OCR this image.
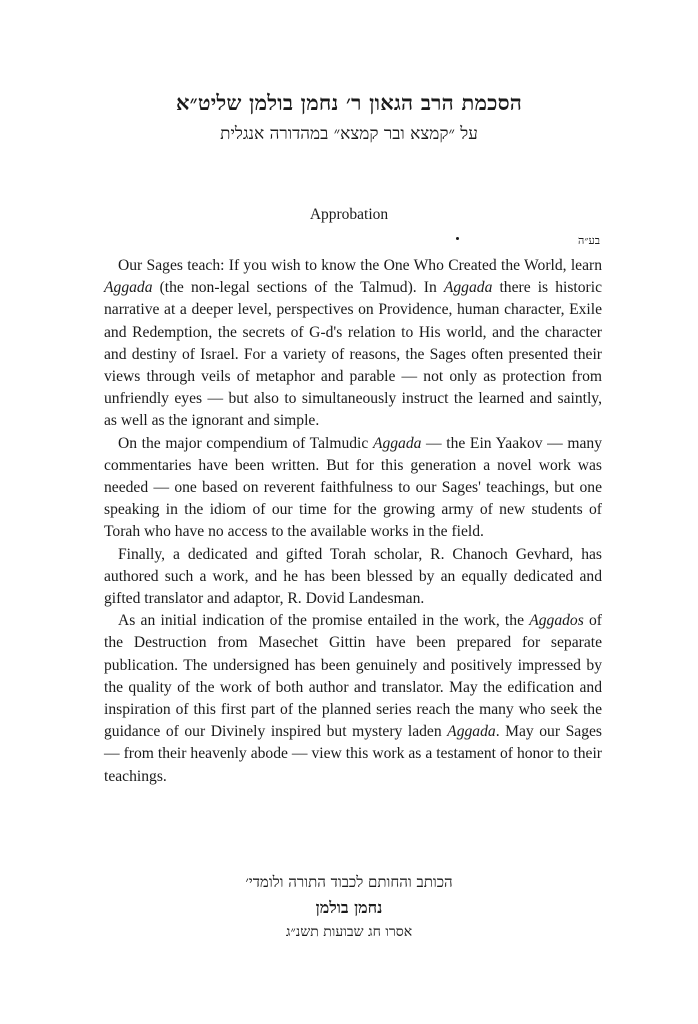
הסכמת הרב הגאון ר׳ נחמן בולמן שליט״א
על ״קמצא ובר קמצא״ במהדורה אנגלית
Approbation
בע״ה

Our Sages teach: If you wish to know the One Who Created the World, learn Aggada (the non-legal sections of the Talmud). In Aggada there is historic narrative at a deeper level, perspectives on Providence, human character, Exile and Redemption, the secrets of G-d's relation to His world, and the character and destiny of Israel. For a variety of reasons, the Sages often presented their views through veils of metaphor and parable — not only as protection from unfriendly eyes — but also to simultaneously instruct the learned and saintly, as well as the ignorant and simple.

On the major compendium of Talmudic Aggada — the Ein Yaakov — many commentaries have been written. But for this generation a novel work was needed — one based on reverent faithfulness to our Sages' teachings, but one speaking in the idiom of our time for the growing army of new students of Torah who have no access to the available works in the field.

Finally, a dedicated and gifted Torah scholar, R. Chanoch Gevhard, has authored such a work, and he has been blessed by an equally dedicated and gifted translator and adaptor, R. Dovid Landesman.

As an initial indication of the promise entailed in the work, the Aggados of the Destruction from Masechet Gittin have been prepared for separate publication. The undersigned has been genuinely and positively impressed by the quality of the work of both author and translator. May the edification and inspiration of this first part of the planned series reach the many who seek the guidance of our Divinely inspired but mystery laden Aggada. May our Sages — from their heavenly abode — view this work as a testament of honor to their teachings.

הכותב והחותם לכבוד התורה ולומדי׳
נחמן בולמן
אסרו חג שבועות תשנ״ג
